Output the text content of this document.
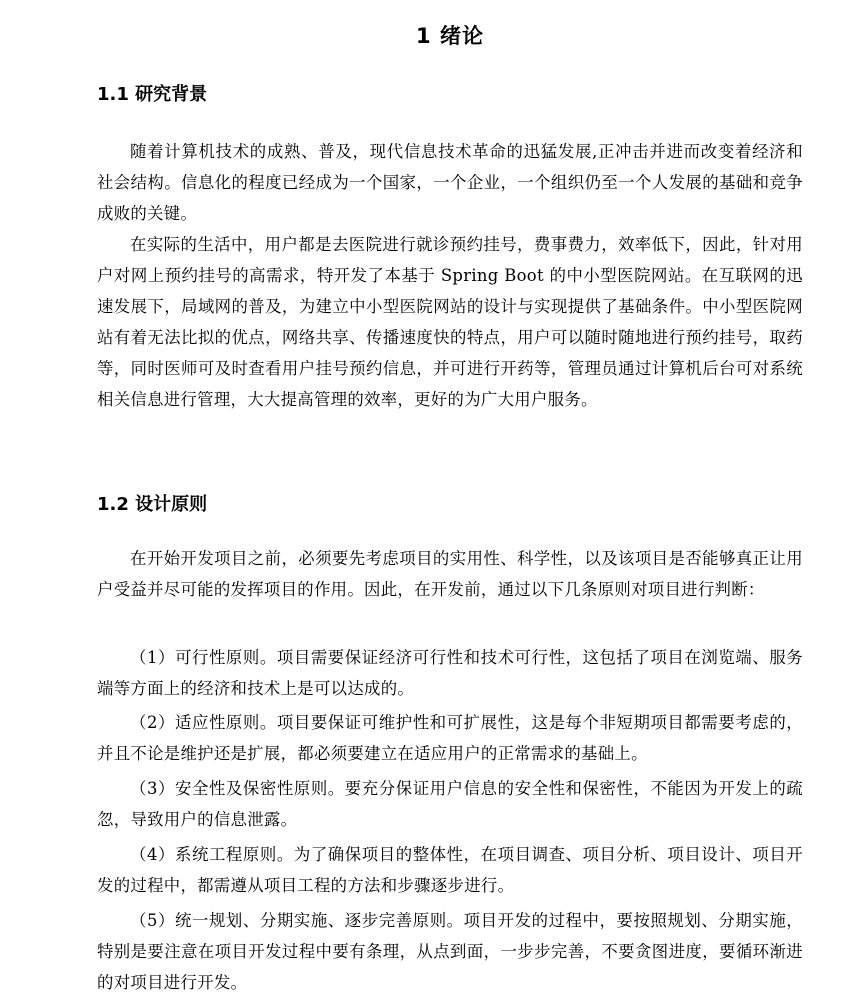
1 绪论
1.1 研究背景

随着计算机技术的成熟、普及，现代信息技术革命的迅猛发展,正冲击并进而改变着经济和社会结构。信息化的程度已经成为一个国家，一个企业，一个组织仍至一个人发展的基础和竞争成败的关键。

在实际的生活中，用户都是去医院进行就诊预约挂号，费事费力，效率低下，因此，针对用户对网上预约挂号的高需求，特开发了本基于 Spring Boot 的中小型医院网站。在互联网的迅速发展下，局域网的普及，为建立中小型医院网站的设计与实现提供了基础条件。中小型医院网站有着无法比拟的优点，网络共享、传播速度快的特点，用户可以随时随地进行预约挂号，取药等，同时医师可及时查看用户挂号预约信息，并可进行开药等，管理员通过计算机后台可对系统相关信息进行管理，大大提高管理的效率，更好的为广大用户服务。

1.2 设计原则

在开始开发项目之前，必须要先考虑项目的实用性、科学性，以及该项目是否能够真正让用户受益并尽可能的发挥项目的作用。因此，在开发前，通过以下几条原则对项目进行判断：

（1）可行性原则。项目需要保证经济可行性和技术可行性，这包括了项目在浏览端、服务端等方面上的经济和技术上是可以达成的。

（2）适应性原则。项目要保证可维护性和可扩展性，这是每个非短期项目都需要考虑的，并且不论是维护还是扩展，都必须要建立在适应用户的正常需求的基础上。

（3）安全性及保密性原则。要充分保证用户信息的安全性和保密性，不能因为开发上的疏忽，导致用户的信息泄露。

（4）系统工程原则。为了确保项目的整体性，在项目调查、项目分析、项目设计、项目开发的过程中，都需遵从项目工程的方法和步骤逐步进行。

（5）统一规划、分期实施、逐步完善原则。项目开发的过程中，要按照规划、分期实施，特别是要注意在项目开发过程中要有条理，从点到面，一步步完善，不要贪图进度，要循环渐进的对项目进行开发。
